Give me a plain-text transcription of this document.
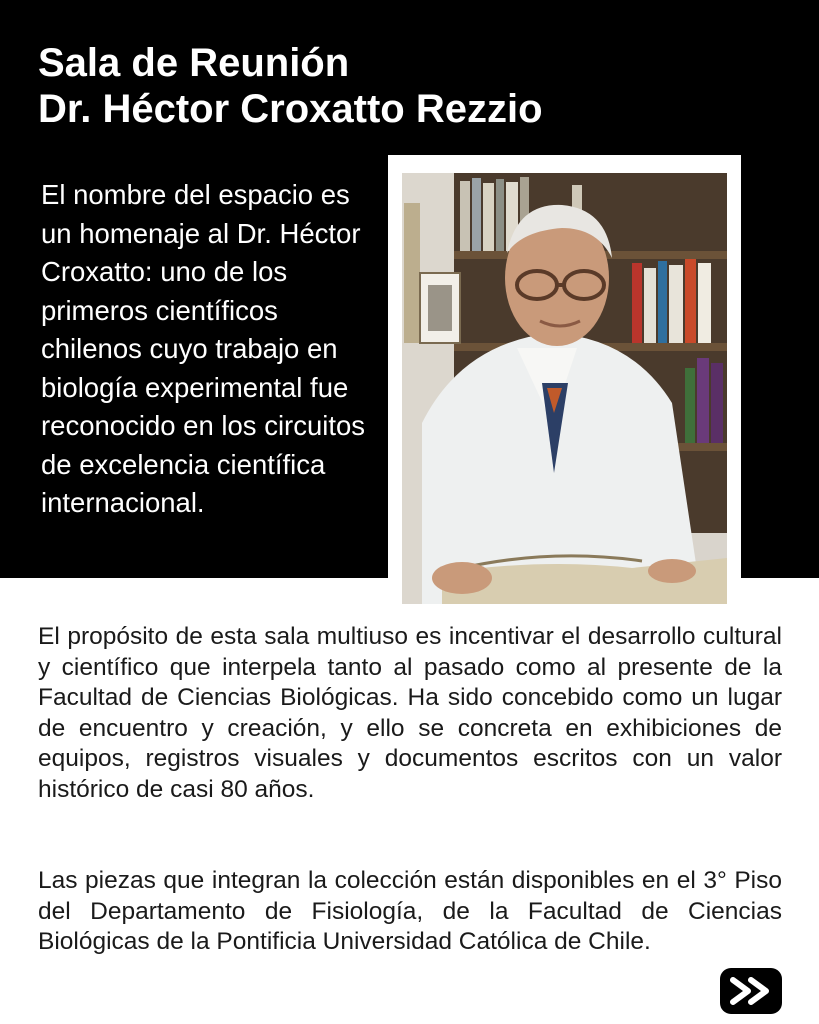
Sala de Reunión
Dr. Héctor Croxatto Rezzio

El nombre del espacio es un homenaje al Dr. Héctor Croxatto: uno de los primeros científicos chilenos cuyo trabajo en biología experimental fue reconocido en los circuitos de excelencia científica internacional.

El propósito de esta sala multiuso es incentivar el desarrollo cultural y científico que interpela tanto al pasado como al presente de la Facultad de Ciencias Biológicas. Ha sido concebido como un lugar de encuentro y creación, y ello se concreta en exhibiciones de equipos, registros visuales y documentos escritos con un valor histórico de casi 80 años.

Las piezas que integran la colección están disponibles en el 3° Piso del Departamento de Fisiología, de la Facultad de Ciencias Biológicas de la Pontificia Universidad Católica de Chile.
